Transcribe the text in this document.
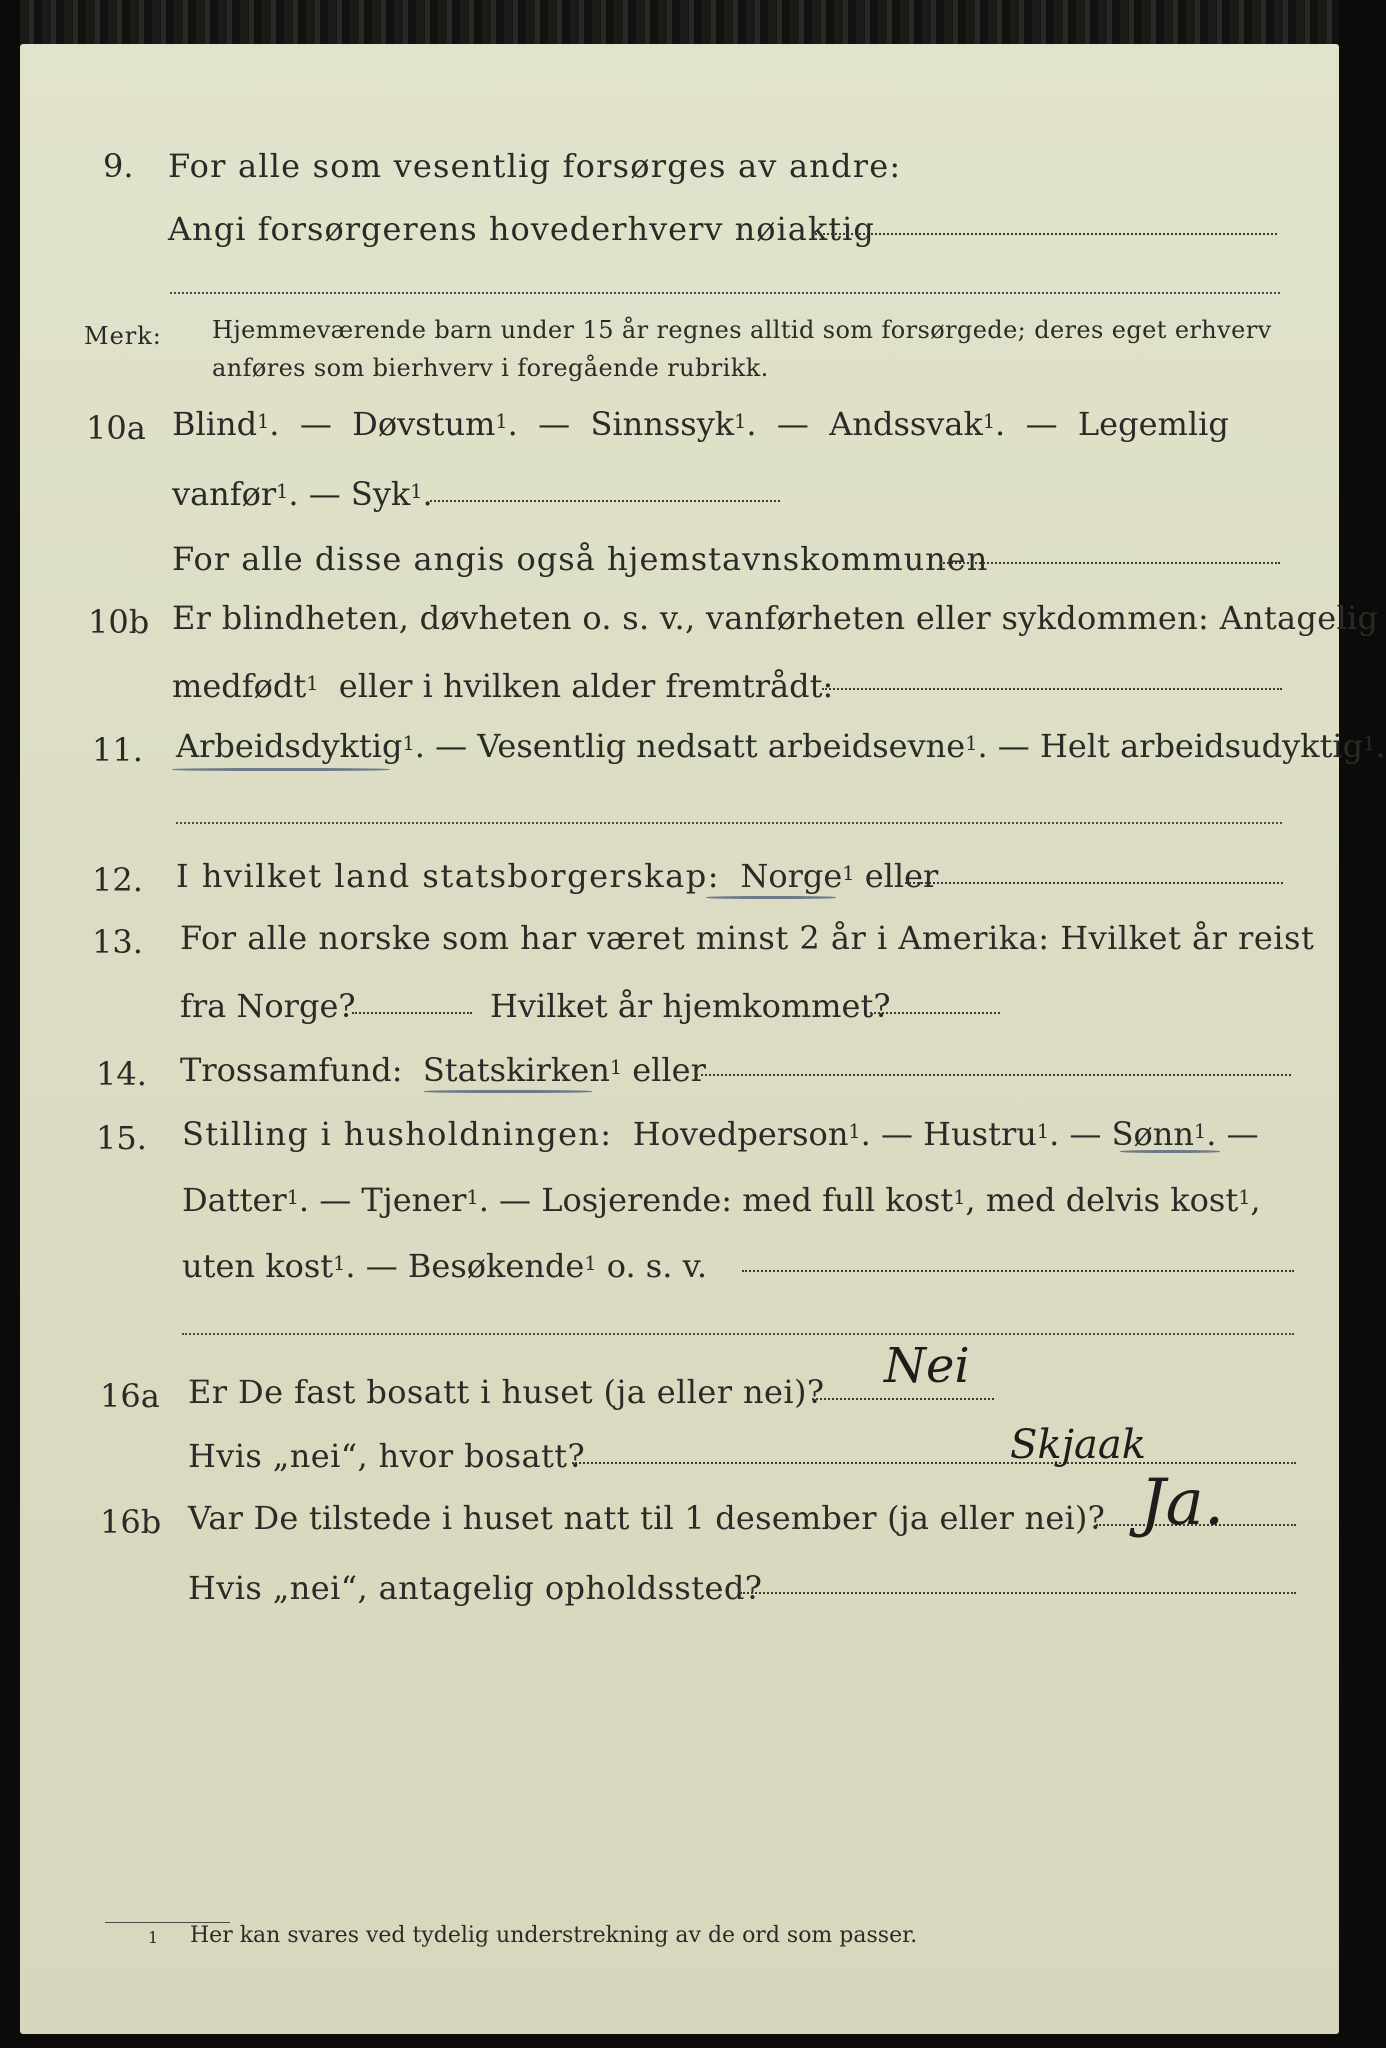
9. For alle som vesentlig forsørges av andre:
Angi forsørgerens hovederhverv nøiaktig
Merk: Hjemmeværende barn under 15 år regnes alltid som forsørgede; deres eget erhverv
anføres som bierhverv i foregående rubrikk.
10a Blind$^1$.  —  Døvstum$^1$.  —  Sinnssyk$^1$.  —  Andssvak$^1$.  —  Legemlig
vanfør$^1$. — Syk$^1$.
For alle disse angis også hjemstavnskommunen
10b Er blindheten, døvheten o. s. v., vanførheten eller sykdommen: Antagelig
medfødt$^1$ eller i hvilken alder fremtrådt:
11. Arbeidsdyktig$^1$. — Vesentlig nedsatt arbeidsevne$^1$. — Helt arbeidsudyktig$^1$.
12. I hvilket land statsborgerskap: Norge$^1$ eller
13. For alle norske som har været minst 2 år i Amerika: Hvilket år reist
fra Norge?	Hvilket år hjemkommet?
14. Trossamfund: Statskirken$^1$ eller
15. Stilling i husholdningen: Hovedperson$^1$. — Hustru$^1$. — Sønn$^1$. —
Datter$^1$. — Tjener$^1$. — Losjerende: med full kost$^1$, med delvis kost$^1$,
uten kost$^1$. — Besøkende$^1$ o. s. v.
16a Er De fast bosatt i huset (ja eller nei)? Nei
Hvis „nei“, hvor bosatt?	Skjaak
16b Var De tilstede i huset natt til 1 desember (ja eller nei)? Ja.
Hvis „nei“, antagelig opholdssted?
1 Her kan svares ved tydelig understrekning av de ord som passer.
